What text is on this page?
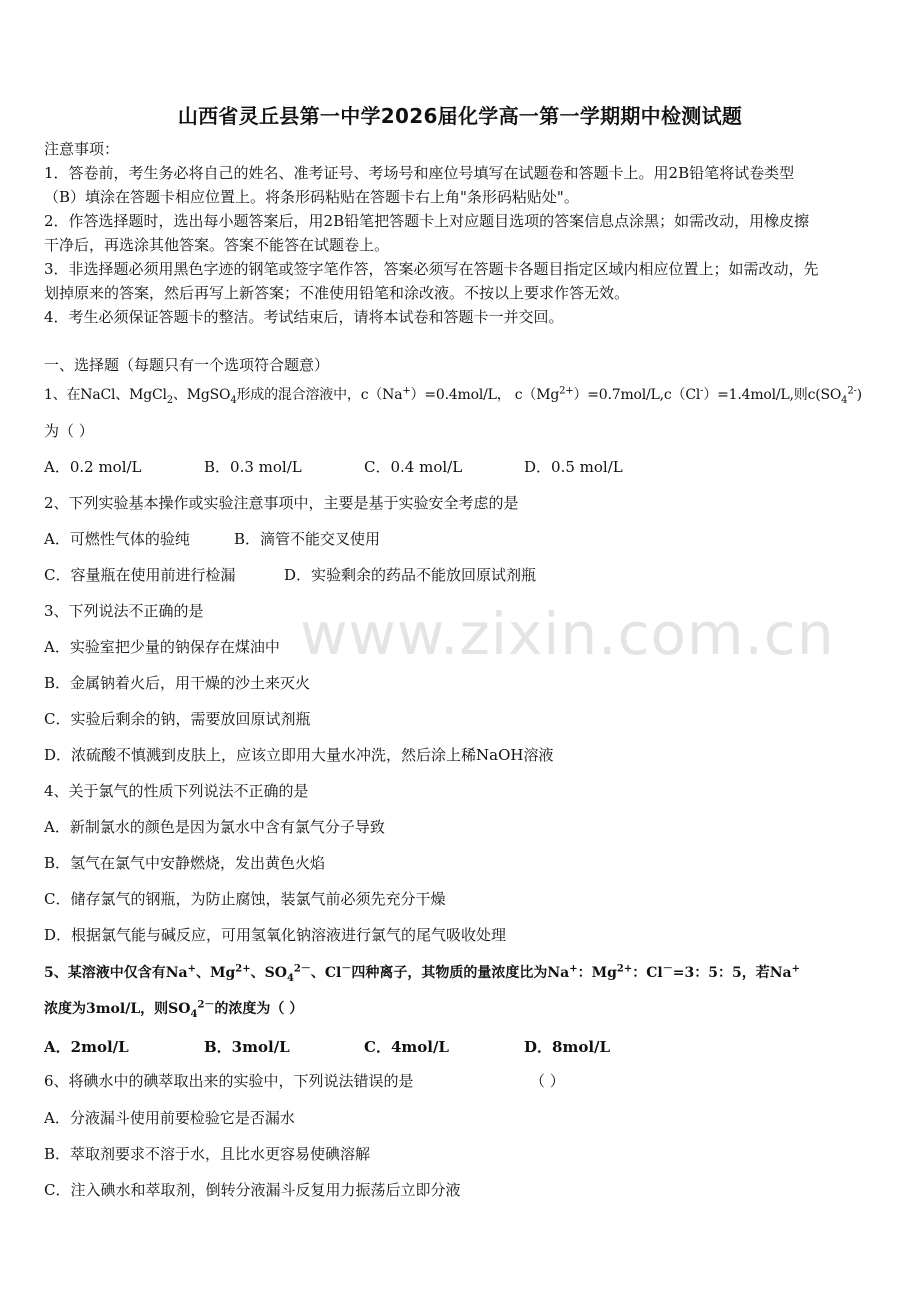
www.zixin.com.cn
山西省灵丘县第一中学2026届化学高一第一学期期中检测试题
注意事项：
1．答卷前，考生务必将自己的姓名、准考证号、考场号和座位号填写在试题卷和答题卡上。用2B铅笔将试卷类型
（B）填涂在答题卡相应位置上。将条形码粘贴在答题卡右上角"条形码粘贴处"。
2．作答选择题时，选出每小题答案后，用2B铅笔把答题卡上对应题目选项的答案信息点涂黑；如需改动，用橡皮擦
干净后，再选涂其他答案。答案不能答在试题卷上。
3．非选择题必须用黑色字迹的钢笔或签字笔作答，答案必须写在答题卡各题目指定区域内相应位置上；如需改动，先
划掉原来的答案，然后再写上新答案；不准使用铅笔和涂改液。不按以上要求作答无效。
4．考生必须保证答题卡的整洁。考试结束后，请将本试卷和答题卡一并交回。
一、选择题（每题只有一个选项符合题意）
1、在NaCl、MgCl$_2$、MgSO$_4$形成的混合溶液中，c（Na+）=0.4mol/L， $c(Mg^{2+})=0.7mol/L,c(Cl^-)=1.4mol/L$,则$c(SO_4^{2-})$
为（ ）
A．0.2 mol/L	B．0.3 mol/L	C．0.4 mol/L	D．0.5 mol/L
2、下列实验基本操作或实验注意事项中，主要是基于实验安全考虑的是
A．可燃性气体的验纯	B．滴管不能交叉使用
C．容量瓶在使用前进行检漏	D．实验剩余的药品不能放回原试剂瓶
3、下列说法不正确的是
A．实验室把少量的钠保存在煤油中
B．金属钠着火后，用干燥的沙土来灭火
C．实验后剩余的钠，需要放回原试剂瓶
D．浓硫酸不慎溅到皮肤上，应该立即用大量水冲洗，然后涂上稀NaOH溶液
4、关于氯气的性质下列说法不正确的是
A．新制氯水的颜色是因为氯水中含有氯气分子导致
B．氢气在氯气中安静燃烧，发出黄色火焰
C．储存氯气的钢瓶，为防止腐蚀，装氯气前必须先充分干燥
D．根据氯气能与碱反应，可用氢氧化钠溶液进行氯气的尾气吸收处理
5、某溶液中仅含有Na+、$Mg^{2+}$、$SO_4^{2-}$、Cl－四种离子，其物质的量浓度比为Na+：$Mg^{2+}$：Cl－=3：5：5，若Na+
浓度为3mol/L，则$SO_4^{2-}$的浓度为（ ）
A．2mol/L	B．3mol/L	C．4mol/L	D．8mol/L
6、将碘水中的碘萃取出来的实验中，下列说法错误的是	（ ）
A．分液漏斗使用前要检验它是否漏水
B．萃取剂要求不溶于水，且比水更容易使碘溶解
C．注入碘水和萃取剂，倒转分液漏斗反复用力振荡后立即分液
